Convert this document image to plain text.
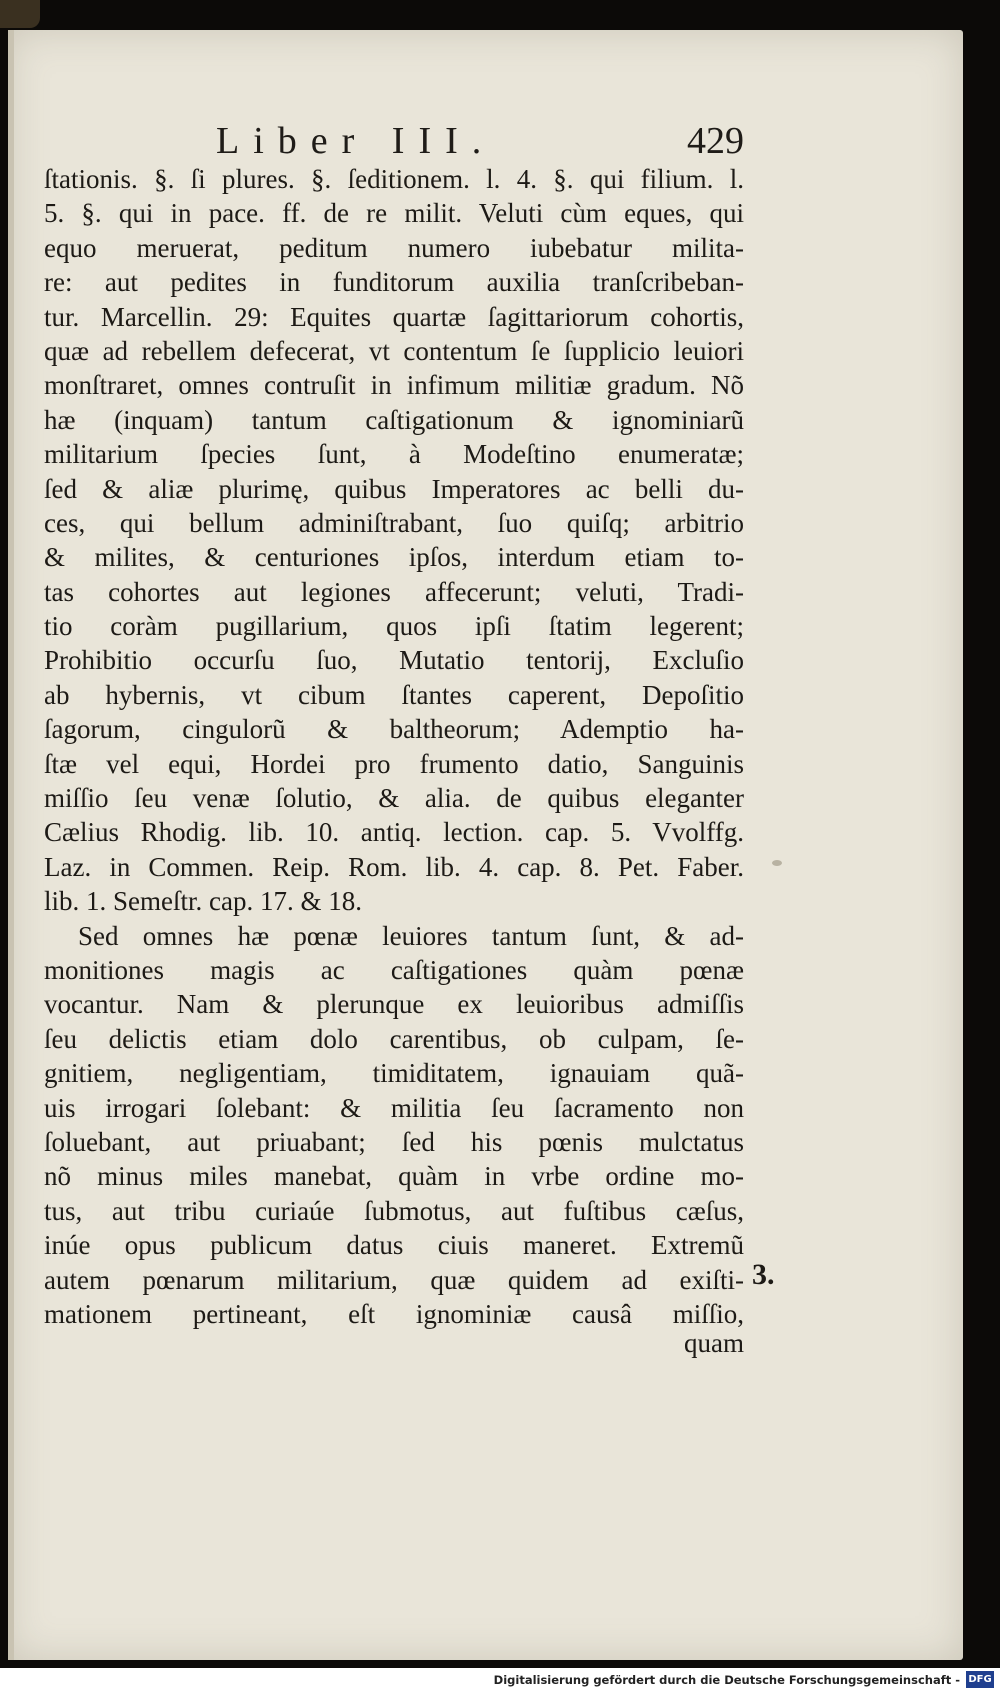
Liber III.	429
ſtationis. §. ſi plures. §. ſeditionem. l. 4. §. qui filium. l.
5. §. qui in pace. ff. de re milit. Veluti cùm eques, qui
equo meruerat, peditum numero iubebatur milita-
re: aut pedites in funditorum auxilia tranſcribeban-
tur. Marcellin. 29: Equites quartæ ſagittariorum cohortis,
quæ ad rebellem defecerat, vt contentum ſe ſupplicio leuiori
monſtraret, omnes contruſit in infimum militiæ gradum. Nõ
hæ (inquam) tantum caſtigationum & ignominiarũ
militarium ſpecies ſunt, à Modeſtino enumeratæ;
ſed & aliæ plurimę, quibus Imperatores ac belli du-
ces, qui bellum adminiſtrabant, ſuo quiſq; arbitrio
& milites, & centuriones ipſos, interdum etiam to-
tas cohortes aut legiones affecerunt; veluti, Tradi-
tio coràm pugillarium, quos ipſi ſtatim legerent;
Prohibitio occurſu ſuo, Mutatio tentorij, Excluſio
ab hybernis, vt cibum ſtantes caperent, Depoſitio
ſagorum, cingulorũ & baltheorum; Ademptio ha-
ſtæ vel equi, Hordei pro frumento datio, Sanguinis
miſſio ſeu venæ ſolutio, & alia. de quibus eleganter
Cælius Rhodig. lib. 10. antiq. lection. cap. 5. Vvolffg.
Laz. in Commen. Reip. Rom. lib. 4. cap. 8. Pet. Faber.
lib. 1. Semeſtr. cap. 17. & 18.
Sed omnes hæ pœnæ leuiores tantum ſunt, & ad-
monitiones magis ac caſtigationes quàm pœnæ
vocantur. Nam & plerunque ex leuioribus admiſſis
ſeu delictis etiam dolo carentibus, ob culpam, ſe-
gnitiem, negligentiam, timiditatem, ignauiam quã-
uis irrogari ſolebant: & militia ſeu ſacramento non
ſoluebant, aut priuabant; ſed his pœnis mulctatus
nõ minus miles manebat, quàm in vrbe ordine mo-
tus, aut tribu curiaúe ſubmotus, aut fuſtibus cæſus,
inúe opus publicum datus ciuis maneret. Extremũ
autem pœnarum militarium, quæ quidem ad exiſti-
mationem pertineant, eſt ignominiæ causâ miſſio,
quam
3.
Digitalisierung gefördert durch die Deutsche Forschungsgemeinschaft - DFG
